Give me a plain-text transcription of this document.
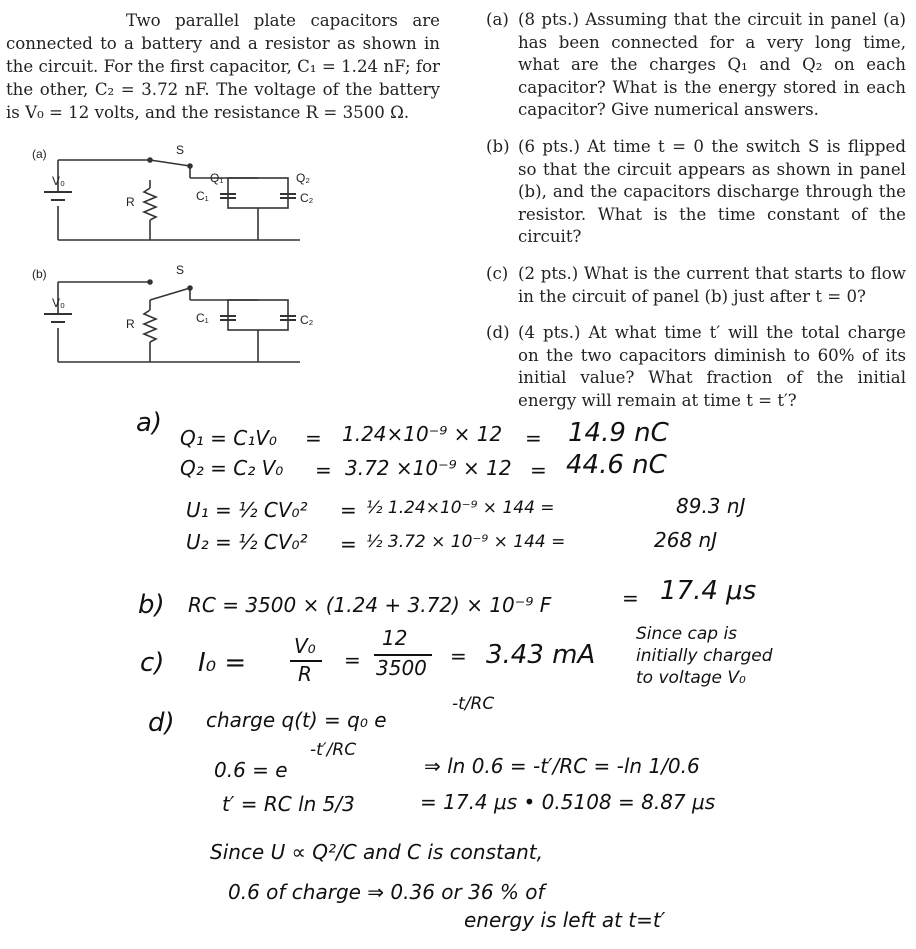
Two parallel plate capacitors are connected to a battery and a resistor as shown in the circuit. For the first capacitor, C₁ = 1.24 nF; for the other, C₂ = 3.72 nF. The voltage of the battery is V₀ = 12 volts, and the resistance R = 3500 Ω.
(a) (8 pts.) Assuming that the circuit in panel (a) has been connected for a very long time, what are the charges Q₁ and Q₂ on each capacitor? What is the energy stored in each capacitor? Give numerical answers.
(b) (6 pts.) At time t = 0 the switch S is flipped so that the circuit appears as shown in panel (b), and the capacitors discharge through the resistor. What is the time constant of the circuit?
(c) (2 pts.) What is the current that starts to flow in the circuit of panel (b) just after t = 0?
(d) (4 pts.) At what time t′ will the total charge on the two capacitors diminish to 60% of its initial value? What fraction of the initial energy will remain at time t = t′?
(a)
V₀
R
S
C₁	C₂
Q₁	Q₂
(b)
V₀
R
S
C₁	C₂
a) Q₁ = C₁V₀ = 1.24×10⁻⁹ × 12 = 14.9 nC
Q₂ = C₂ V₀ = 3.72 ×10⁻⁹ × 12 = 44.6 nC
U₁ = ½ CV₀² = ½ 1.24×10⁻⁹ × 144 =	89.3 nJ
U₂ = ½ CV₀² = ½ 3.72 × 10⁻⁹ × 144 =	268 nJ
b) RC = 3500 × (1.24 + 3.72) × 10⁻⁹ F	= 17.4 μs
c) I₀ =
V₀
R
=
12
3500 = 3.43 mA
Since cap is
initially charged
to voltage V₀
d) charge q(t) = q₀ e
-t/RC
0.6 = e
-t′/RC
⇒ ln 0.6 = -t′/RC = -ln 1/0.6
t′ = RC ln 5/3	= 17.4 μs • 0.5108 = 8.87 μs
Since U ∝ Q²/C and C is constant,
0.6 of charge ⇒ 0.36 or 36 % of
energy is left at t=t′
